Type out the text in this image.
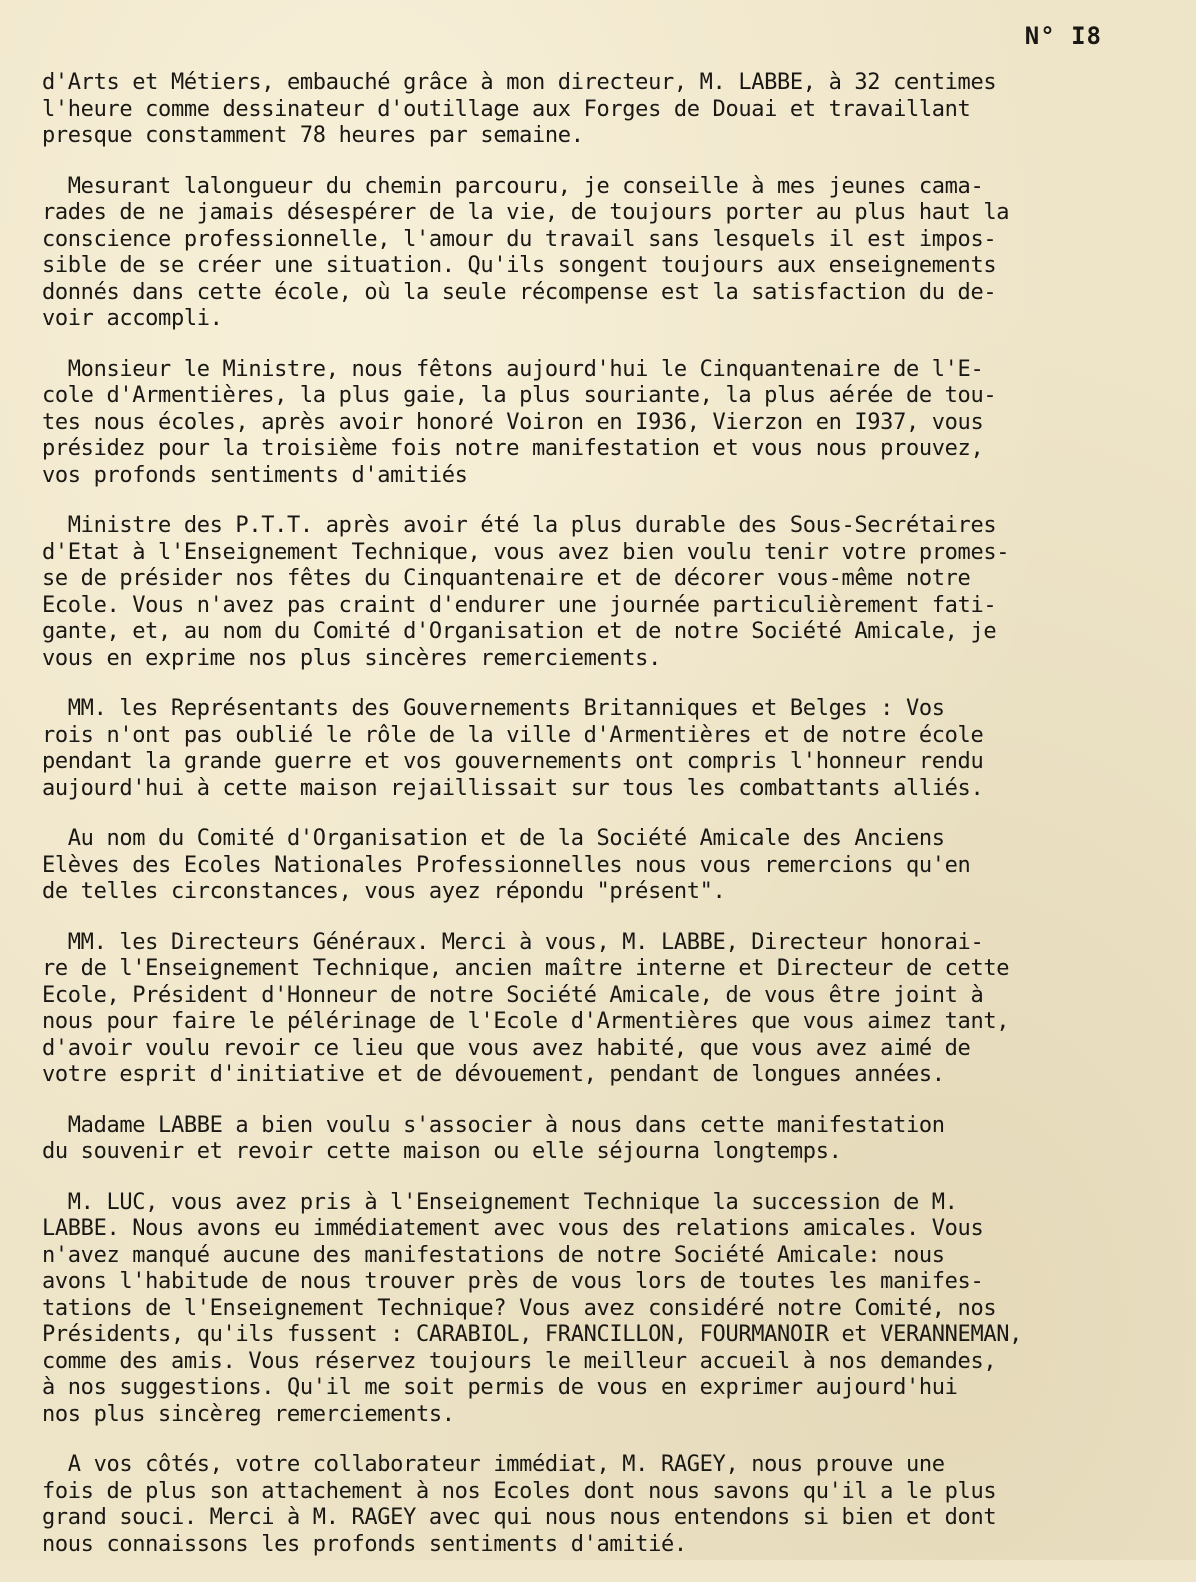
N° I8

d'Arts et Métiers, embauché grâce à mon directeur, M. LABBE, à 32 centimes
l'heure comme dessinateur d'outillage aux Forges de Douai et travaillant
presque constamment 78 heures par semaine.

Mesurant lalongueur du chemin parcouru, je conseille à mes jeunes cama-
rades de ne jamais désespérer de la vie, de toujours porter au plus haut la
conscience professionnelle, l'amour du travail sans lesquels il est impos-
sible de se créer une situation. Qu'ils songent toujours aux enseignements
donnés dans cette école, où la seule récompense est la satisfaction du de-
voir accompli.

Monsieur le Ministre, nous fêtons aujourd'hui le Cinquantenaire de l'E-
cole d'Armentières, la plus gaie, la plus souriante, la plus aérée de tou-
tes nous écoles, après avoir honoré Voiron en I936, Vierzon en I937, vous
présidez pour la troisième fois notre manifestation et vous nous prouvez,
vos profonds sentiments d'amitiés

Ministre des P.T.T. après avoir été la plus durable des Sous-Secrétaires
d'Etat à l'Enseignement Technique, vous avez bien voulu tenir votre promes-
se de présider nos fêtes du Cinquantenaire et de décorer vous-même notre
Ecole. Vous n'avez pas craint d'endurer une journée particulièrement fati-
gante, et, au nom du Comité d'Organisation et de notre Société Amicale, je
vous en exprime nos plus sincères remerciements.

MM. les Représentants des Gouvernements Britanniques et Belges : Vos
rois n'ont pas oublié le rôle de la ville d'Armentières et de notre école
pendant la grande guerre et vos gouvernements ont compris l'honneur rendu
aujourd'hui à cette maison rejaillissait sur tous les combattants alliés.

Au nom du Comité d'Organisation et de la Société Amicale des Anciens
Elèves des Ecoles Nationales Professionnelles nous vous remercions qu'en
de telles circonstances, vous ayez répondu "présent".

MM. les Directeurs Généraux. Merci à vous, M. LABBE, Directeur honorai-
re de l'Enseignement Technique, ancien maître interne et Directeur de cette
Ecole, Président d'Honneur de notre Société Amicale, de vous être joint à
nous pour faire le pélérinage de l'Ecole d'Armentières que vous aimez tant,
d'avoir voulu revoir ce lieu que vous avez habité, que vous avez aimé de
votre esprit d'initiative et de dévouement, pendant de longues années.

Madame LABBE a bien voulu s'associer à nous dans cette manifestation
du souvenir et revoir cette maison ou elle séjourna longtemps.

M. LUC, vous avez pris à l'Enseignement Technique la succession de M.
LABBE. Nous avons eu immédiatement avec vous des relations amicales. Vous
n'avez manqué aucune des manifestations de notre Société Amicale: nous
avons l'habitude de nous trouver près de vous lors de toutes les manifes-
tations de l'Enseignement Technique? Vous avez considéré notre Comité, nos
Présidents, qu'ils fussent : CARABIOL, FRANCILLON, FOURMANOIR et VERANNEMAN,
comme des amis. Vous réservez toujours le meilleur accueil à nos demandes,
à nos suggestions. Qu'il me soit permis de vous en exprimer aujourd'hui
nos plus sincèreg remerciements.

A vos côtés, votre collaborateur immédiat, M. RAGEY, nous prouve une
fois de plus son attachement à nos Ecoles dont nous savons qu'il a le plus
grand souci. Merci à M. RAGEY avec qui nous nous entendons si bien et dont
nous connaissons les profonds sentiments d'amitié.
